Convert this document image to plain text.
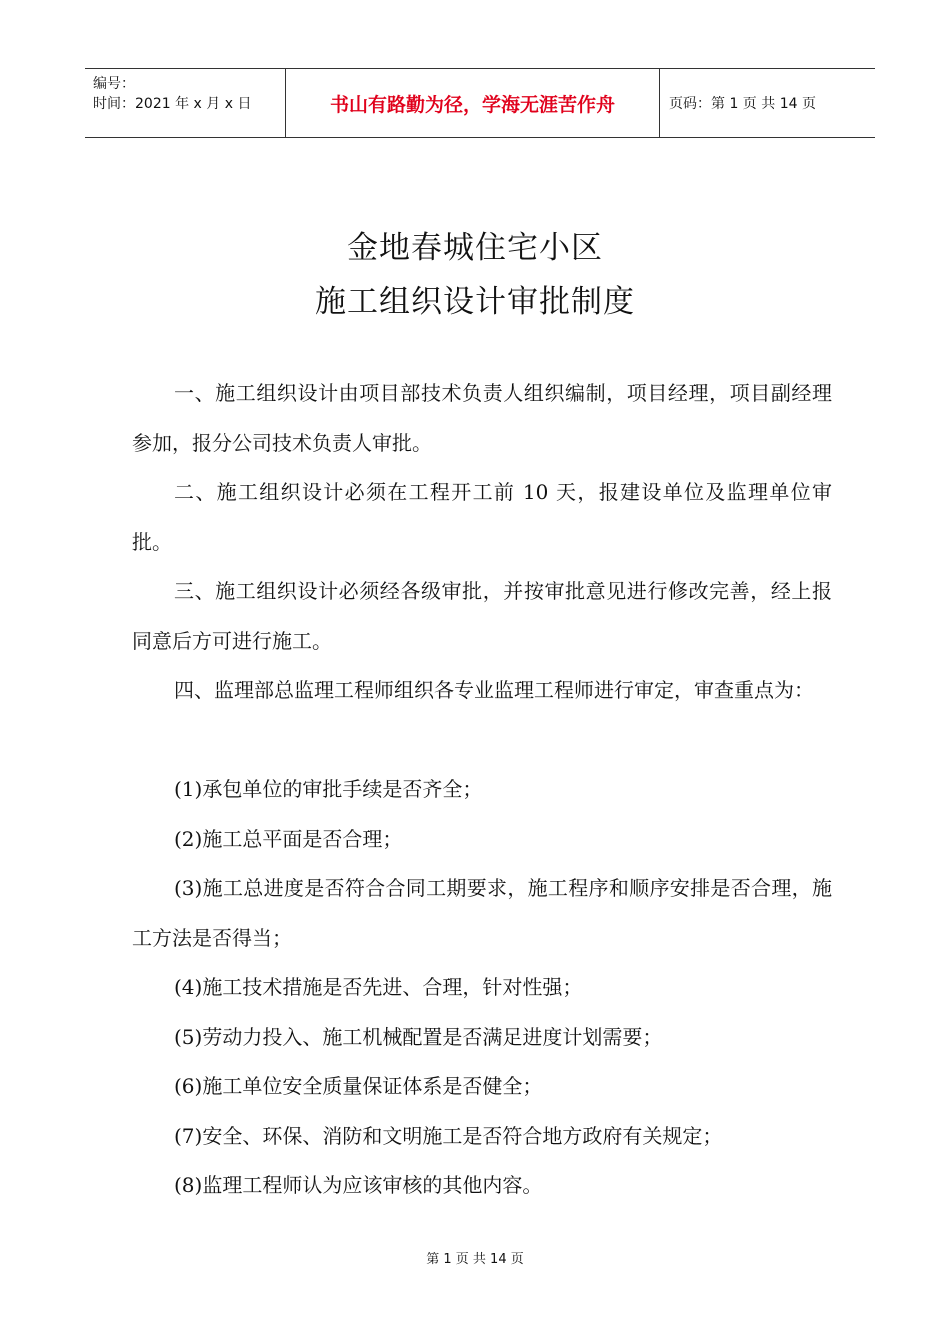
编号：
时间：2021 年 x 月 x 日	书山有路勤为径，学海无涯苦作舟	页码：第 1 页 共 14 页
金地春城住宅小区
施工组织设计审批制度

一、施工组织设计由项目部技术负责人组织编制，项目经理，项目副经理参加，报分公司技术负责人审批。

二、施工组织设计必须在工程开工前 10 天，报建设单位及监理单位审批。

三、施工组织设计必须经各级审批，并按审批意见进行修改完善，经上报同意后方可进行施工。

四、监理部总监理工程师组织各专业监理工程师进行审定，审查重点为：

(1)承包单位的审批手续是否齐全；

(2)施工总平面是否合理；

(3)施工总进度是否符合合同工期要求，施工程序和顺序安排是否合理，施工方法是否得当；

(4)施工技术措施是否先进、合理，针对性强；

(5)劳动力投入、施工机械配置是否满足进度计划需要；

(6)施工单位安全质量保证体系是否健全；

(7)安全、环保、消防和文明施工是否符合地方政府有关规定；

(8)监理工程师认为应该审核的其他内容。

第 1 页 共 14 页
